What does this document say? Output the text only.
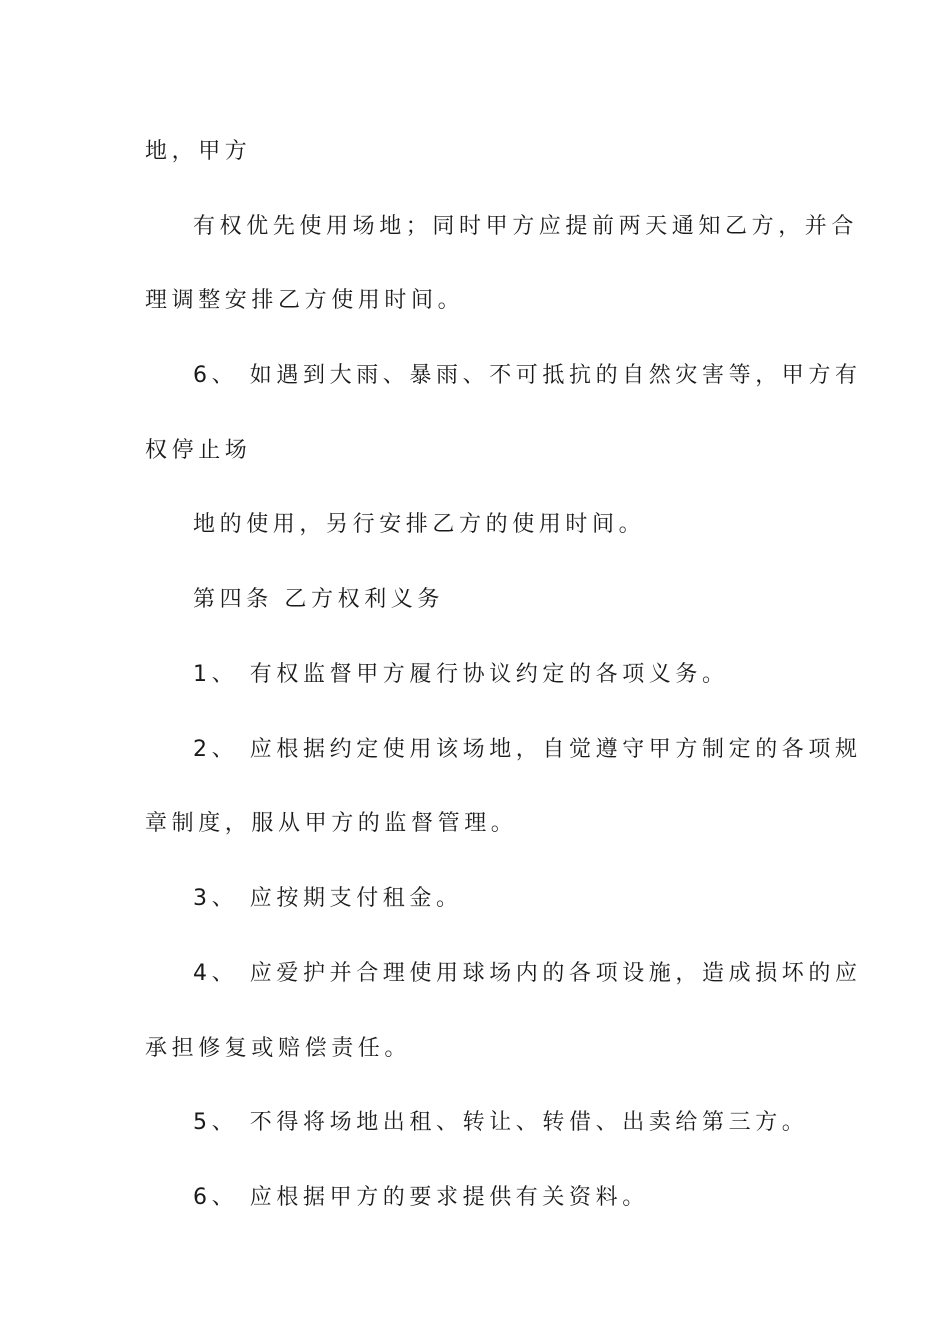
地，甲方
有权优先使用场地；同时甲方应提前两天通知乙方，并合
理调整安排乙方使用时间。
6、 如遇到大雨、暴雨、不可抵抗的自然灾害等，甲方有
权停止场
地的使用，另行安排乙方的使用时间。
第四条 乙方权利义务
1、 有权监督甲方履行协议约定的各项义务。
2、 应根据约定使用该场地，自觉遵守甲方制定的各项规
章制度，服从甲方的监督管理。
3、 应按期支付租金。
4、 应爱护并合理使用球场内的各项设施，造成损坏的应
承担修复或赔偿责任。
5、 不得将场地出租、转让、转借、出卖给第三方。
6、 应根据甲方的要求提供有关资料。
